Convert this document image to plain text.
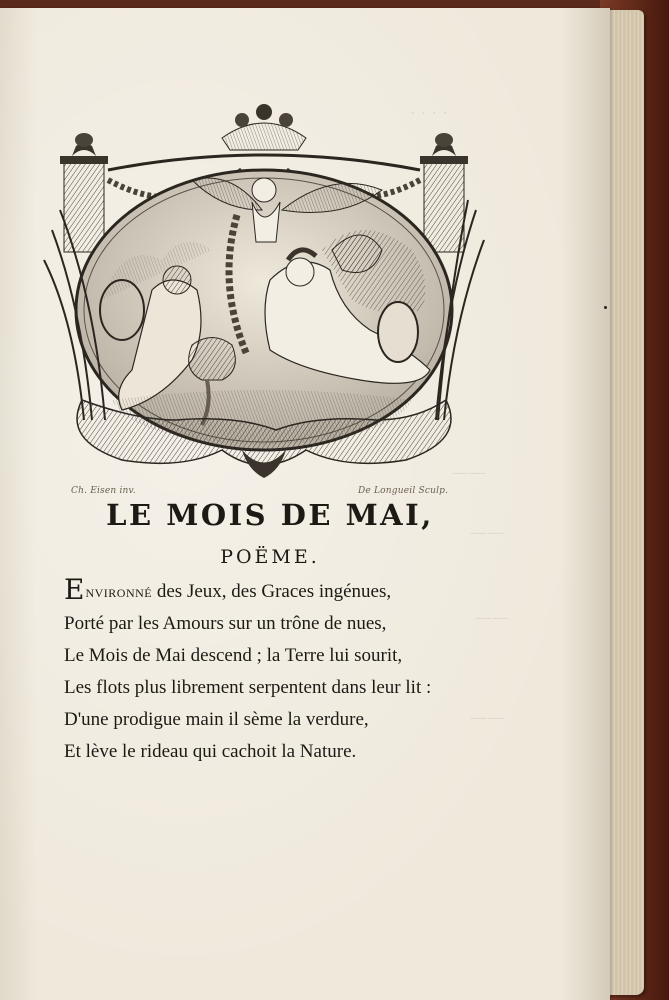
· · · ·
——
——
——
——
Ch. Eisen inv.	De Longueil Sculp.
LE MOIS DE MAI,
POËME.
Environné des Jeux, des Graces ingénues,
Porté par les Amours sur un trône de nues,
Le Mois de Mai descend ; la Terre lui sourit,
Les flots plus librement serpentent dans leur lit :
D'une prodigue main il sème la verdure,
Et lève le rideau qui cachoit la Nature.
